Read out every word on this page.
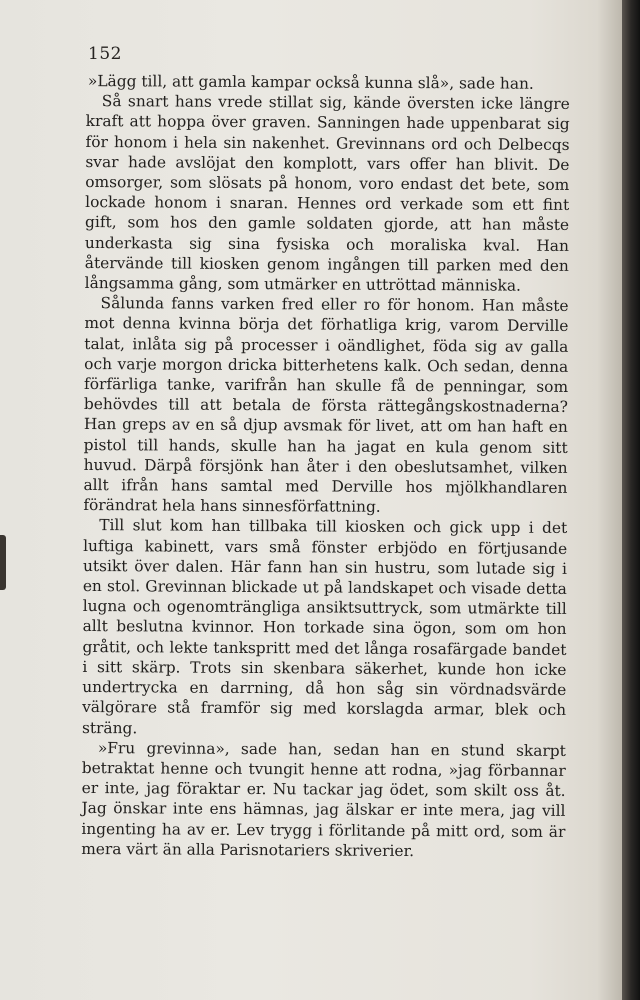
152

»Lägg till, att gamla kampar också kunna slå», sade han.

Så snart hans vrede stillat sig, kände översten icke längre kraft att hoppa över graven. Sanningen hade uppenbarat sig för honom i hela sin nakenhet. Grevinnans ord och Delbecqs svar hade avslöjat den komplott, vars offer han blivit. De omsorger, som slösats på honom, voro endast det bete, som lockade honom i snaran. Hennes ord verkade som ett fint gift, som hos den gamle soldaten gjorde, att han måste underkasta sig sina fysiska och moraliska kval. Han återvände till kiosken genom ingången till parken med den långsamma gång, som utmärker en uttröttad människa.

Sålunda fanns varken fred eller ro för honom. Han måste mot denna kvinna börja det förhatliga krig, varom Derville talat, inlåta sig på processer i oändlighet, föda sig av galla och varje morgon dricka bitterhetens kalk. Och sedan, denna förfärliga tanke, varifrån han skulle få de penningar, som behövdes till att betala de första rättegångskostnaderna? Han greps av en så djup avsmak för livet, att om han haft en pistol till hands, skulle han ha jagat en kula genom sitt huvud. Därpå försjönk han åter i den obeslutsamhet, vilken allt ifrån hans samtal med Derville hos mjölkhandlaren förändrat hela hans sinnesförfattning.

Till slut kom han tillbaka till kiosken och gick upp i det luftiga kabinett, vars små fönster erbjödo en förtjusande utsikt över dalen. Här fann han sin hustru, som lutade sig i en stol. Grevinnan blickade ut på landskapet och visade detta lugna och ogenomträngliga ansiktsuttryck, som utmärkte till allt beslutna kvinnor. Hon torkade sina ögon, som om hon gråtit, och lekte tankspritt med det långa rosafärgade bandet i sitt skärp. Trots sin skenbara säkerhet, kunde hon icke undertrycka en darrning, då hon såg sin vördnadsvärde välgörare stå framför sig med korslagda armar, blek och sträng.

»Fru grevinna», sade han, sedan han en stund skarpt betraktat henne och tvungit henne att rodna, »jag förbannar er inte, jag föraktar er. Nu tackar jag ödet, som skilt oss åt. Jag önskar inte ens hämnas, jag älskar er inte mera, jag vill ingenting ha av er. Lev trygg i förlitande på mitt ord, som är mera värt än alla Parisnotariers skriverier.
